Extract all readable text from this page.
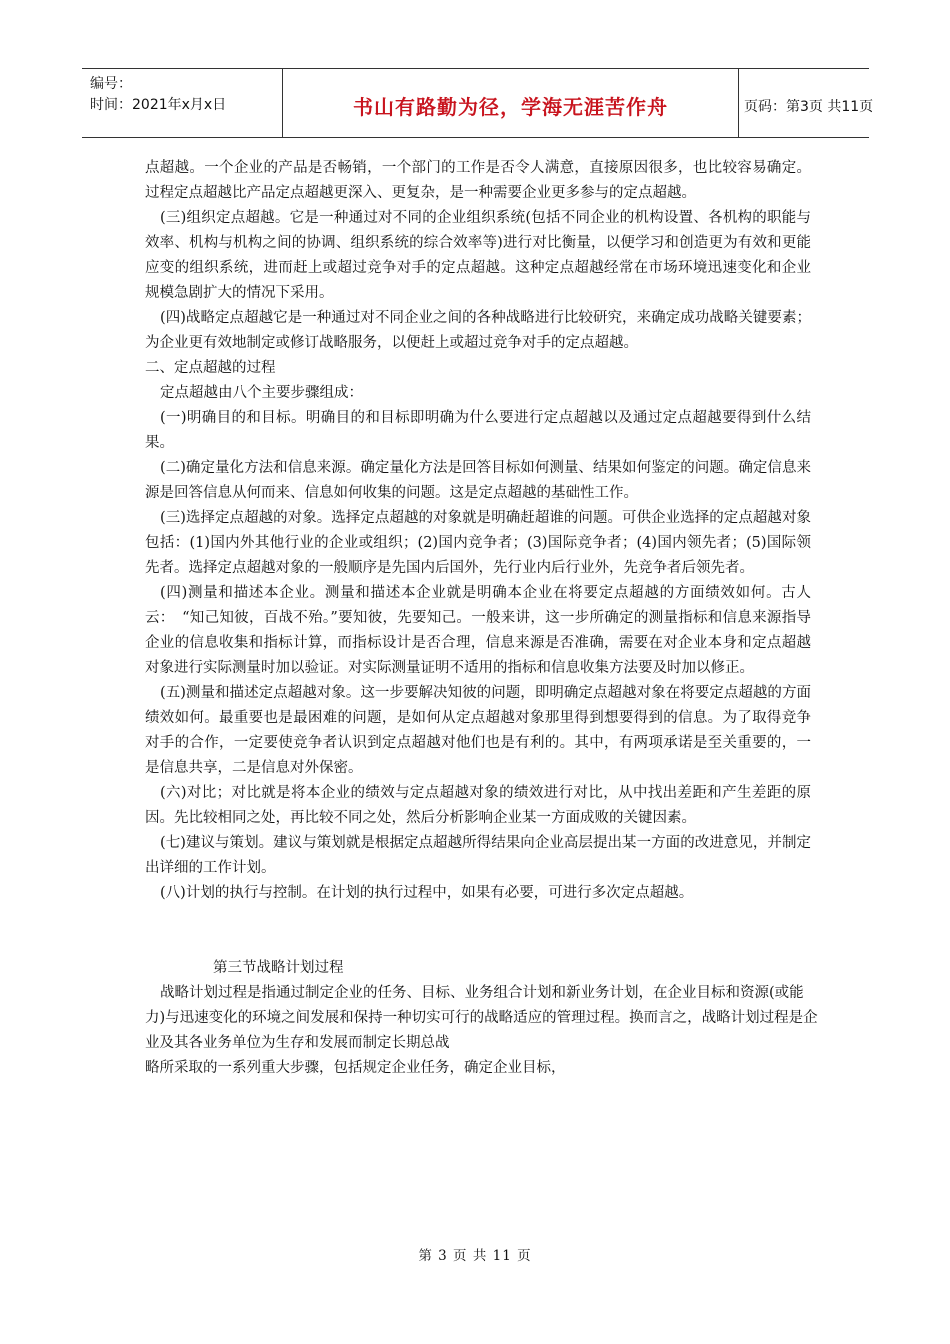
编号：
时间：2021年x月x日	书山有路勤为径，学海无涯苦作舟	页码：第3页 共11页

点超越。一个企业的产品是否畅销，一个部门的工作是否令人满意，直接原因很多，也比较容易确定。过程定点超越比产品定点超越更深入、更复杂，是一种需要企业更多参与的定点超越。

(三)组织定点超越。它是一种通过对不同的企业组织系统(包括不同企业的机构设置、各机构的职能与效率、机构与机构之间的协调、组织系统的综合效率等)进行对比衡量，以便学习和创造更为有效和更能应变的组织系统，进而赶上或超过竞争对手的定点超越。这种定点超越经常在市场环境迅速变化和企业规模急剧扩大的情况下采用。

(四)战略定点超越它是一种通过对不同企业之间的各种战略进行比较研究，来确定成功战略关键要素；为企业更有效地制定或修订战略服务，以便赶上或超过竞争对手的定点超越。

二、定点超越的过程

定点超越由八个主要步骤组成：

(一)明确目的和目标。明确目的和目标即明确为什么要进行定点超越以及通过定点超越要得到什么结果。

(二)确定量化方法和信息来源。确定量化方法是回答目标如何测量、结果如何鉴定的问题。确定信息来源是回答信息从何而来、信息如何收集的问题。这是定点超越的基础性工作。

(三)选择定点超越的对象。选择定点超越的对象就是明确赶超谁的问题。可供企业选择的定点超越对象包括：(1)国内外其他行业的企业或组织；(2)国内竞争者；(3)国际竞争者；(4)国内领先者；(5)国际领先者。选择定点超越对象的一般顺序是先国内后国外，先行业内后行业外，先竞争者后领先者。

(四)测量和描述本企业。测量和描述本企业就是明确本企业在将要定点超越的方面绩效如何。古人云：　“知己知彼，百战不殆。”要知彼，先要知己。一般来讲，这一步所确定的测量指标和信息来源指导企业的信息收集和指标计算，而指标设计是否合理，信息来源是否准确，需要在对企业本身和定点超越对象进行实际测量时加以验证。对实际测量证明不适用的指标和信息收集方法要及时加以修正。

(五)测量和描述定点超越对象。这一步要解决知彼的问题，即明确定点超越对象在将要定点超越的方面绩效如何。最重要也是最困难的问题，是如何从定点超越对象那里得到想要得到的信息。为了取得竞争对手的合作，一定要使竞争者认识到定点超越对他们也是有利的。其中，有两项承诺是至关重要的，一是信息共享，二是信息对外保密。

(六)对比；对比就是将本企业的绩效与定点超越对象的绩效进行对比，从中找出差距和产生差距的原因。先比较相同之处，再比较不同之处，然后分析影响企业某一方面成败的关键因素。

(七)建议与策划。建议与策划就是根据定点超越所得结果向企业高层提出某一方面的改进意见，并制定出详细的工作计划。

(八)计划的执行与控制。在计划的执行过程中，如果有必要，可进行多次定点超越。

第三节战略计划过程

战略计划过程是指通过制定企业的任务、目标、业务组合计划和新业务计划，在企业目标和资源(或能力)与迅速变化的环境之间发展和保持一种切实可行的战略适应的管理过程。换而言之，战略计划过程是企业及其各业务单位为生存和发展而制定长期总战

略所采取的一系列重大步骤，包括规定企业任务，确定企业目标，

第 3 页 共 11 页
